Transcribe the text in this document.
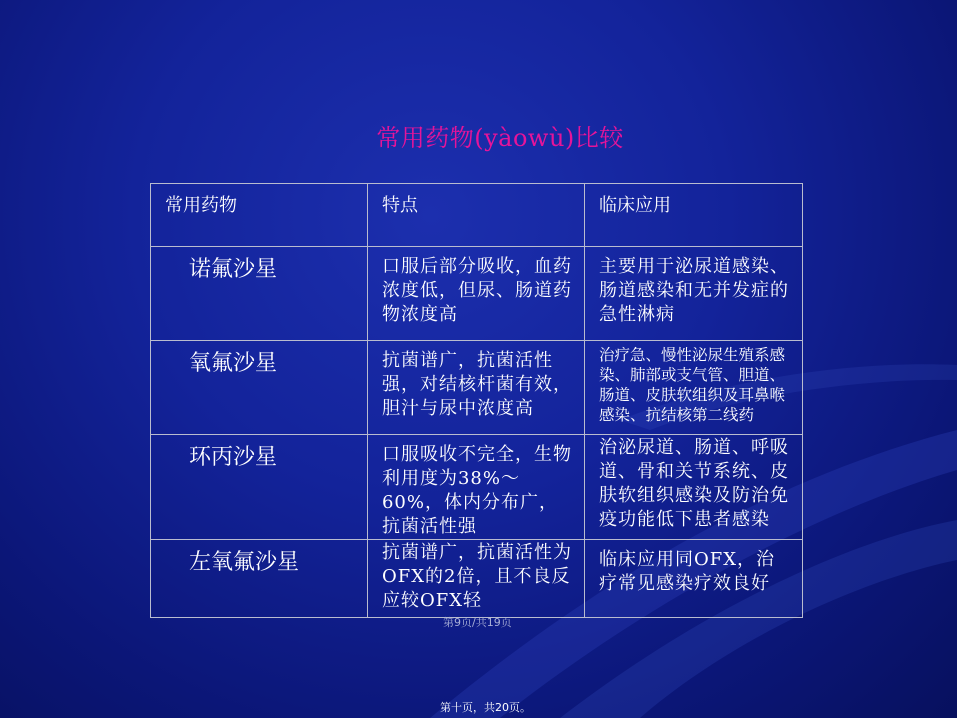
常用药物(yàowù)比较
常用药物	特点	临床应用

诺氟沙星	口服后部分吸收，血药浓度低，但尿、肠道药物浓度高	主要用于泌尿道感染、肠道感染和无并发症的急性淋病

氧氟沙星	抗菌谱广，抗菌活性强，对结核杆菌有效，胆汁与尿中浓度高	治疗急、慢性泌尿生殖系感染、肺部或支气管、胆道、肠道、皮肤软组织及耳鼻喉感染、抗结核第二线药

环丙沙星	口服吸收不完全，生物利用度为38%～60%，体内分布广，抗菌活性强	治泌尿道、肠道、呼吸道、骨和关节系统、皮肤软组织感染及防治免疫功能低下患者感染

左氧氟沙星	抗菌谱广，抗菌活性为OFX的2倍，且不良反应较OFX轻	临床应用同OFX，治疗常见感染疗效良好
第9页/共19页
第十页，共20页。
